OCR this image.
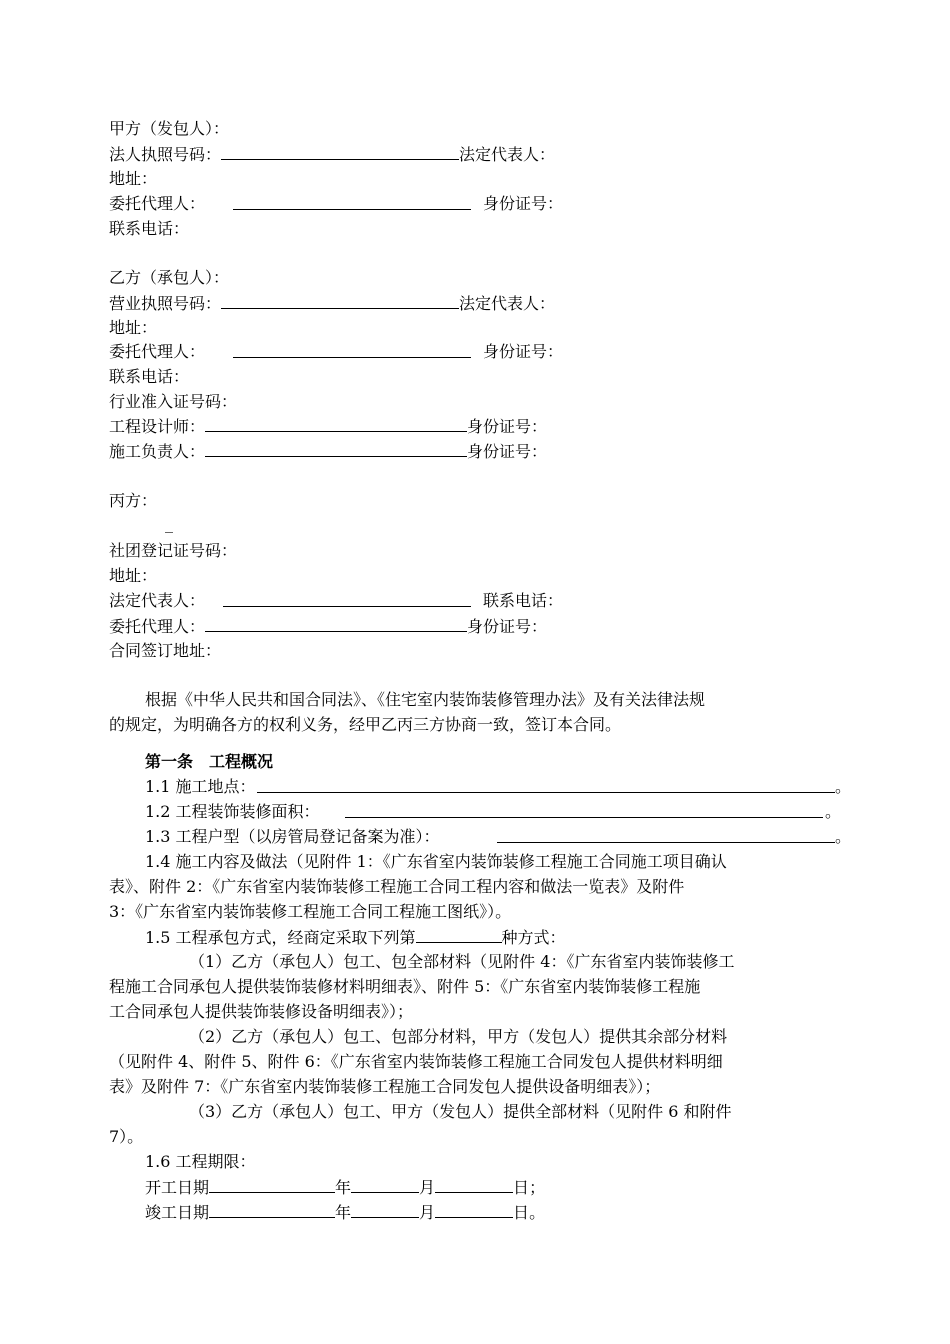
甲方（发包人）：
法人执照号码：	法定代表人：
地址：
委托代理人：	身份证号：
联系电话：
乙方（承包人）：
营业执照号码：	法定代表人：
地址：
委托代理人：	身份证号：
联系电话：
行业准入证号码：
工程设计师：	身份证号：
施工负责人：	身份证号：
丙方：
_
社团登记证号码：
地址：
法定代表人：	联系电话：
委托代理人：	身份证号：
合同签订地址：
根据《中华人民共和国合同法》、《住宅室内装饰装修管理办法》及有关法律法规
的规定，为明确各方的权利义务，经甲乙丙三方协商一致，签订本合同。
第一条　工程概况
1.1 施工地点：	。
1.2 工程装饰装修面积：	。
1.3 工程户型（以房管局登记备案为准）：	。
1.4 施工内容及做法（见附件 1：《广东省室内装饰装修工程施工合同施工项目确认
表》、附件 2：《广东省室内装饰装修工程施工合同工程内容和做法一览表》及附件
3：《广东省室内装饰装修工程施工合同工程施工图纸》）。
1.5 工程承包方式，经商定采取下列第	种方式：
（1）乙方（承包人）包工、包全部材料（见附件 4：《广东省室内装饰装修工
程施工合同承包人提供装饰装修材料明细表》、附件 5：《广东省室内装饰装修工程施
工合同承包人提供装饰装修设备明细表》）；
（2）乙方（承包人）包工、包部分材料，甲方（发包人）提供其余部分材料
（见附件 4、附件 5、附件 6：《广东省室内装饰装修工程施工合同发包人提供材料明细
表》及附件 7：《广东省室内装饰装修工程施工合同发包人提供设备明细表》）；
（3）乙方（承包人）包工、甲方（发包人）提供全部材料（见附件 6 和附件
7）。
1.6 工程期限：
开工日期	年	月	日；
竣工日期	年	月	日。
